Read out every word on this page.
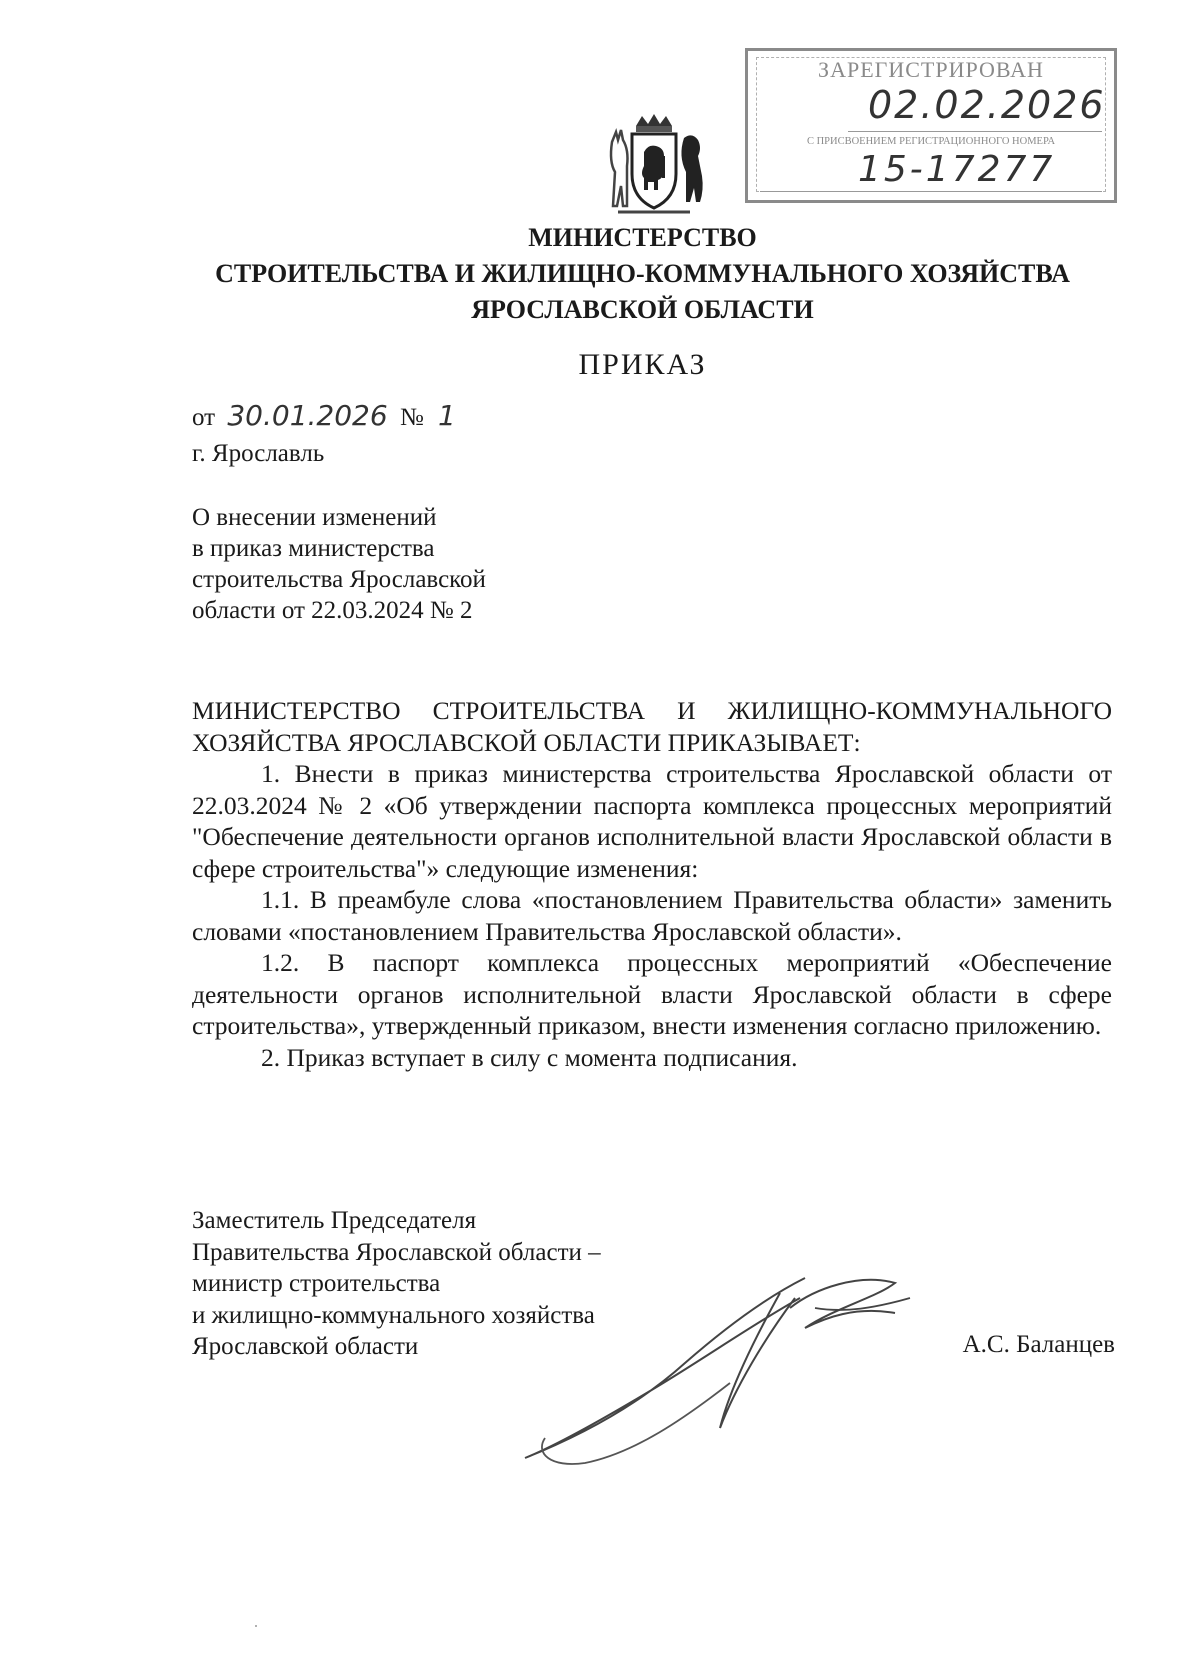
ЗАРЕГИСТРИРОВАН
02.02.2026
С ПРИСВОЕНИЕМ РЕГИСТРАЦИОННОГО НОМЕРА
15-17277
МИНИСТЕРСТВО
СТРОИТЕЛЬСТВА И ЖИЛИЩНО-КОММУНАЛЬНОГО ХОЗЯЙСТВА
ЯРОСЛАВСКОЙ ОБЛАСТИ
ПРИКАЗ
от 30.01.2026 № 1
г. Ярославль
О внесении изменений
в приказ министерства
строительства Ярославской
области от 22.03.2024 № 2

МИНИСТЕРСТВО СТРОИТЕЛЬСТВА И ЖИЛИЩНО-КОММУНАЛЬНОГО ХОЗЯЙСТВА ЯРОСЛАВСКОЙ ОБЛАСТИ ПРИКАЗЫВАЕТ:

1. Внести в приказ министерства строительства Ярославской области от 22.03.2024 № 2 «Об утверждении паспорта комплекса процессных мероприятий "Обеспечение деятельности органов исполнительной власти Ярославской области в сфере строительства"» следующие изменения:

1.1. В преамбуле слова «постановлением Правительства области» заменить словами «постановлением Правительства Ярославской области».

1.2. В паспорт комплекса процессных мероприятий «Обеспечение деятельности органов исполнительной власти Ярославской области в сфере строительства», утвержденный приказом, внести изменения согласно приложению.

2. Приказ вступает в силу с момента подписания.

Заместитель Председателя
Правительства Ярославской области –
министр строительства
и жилищно-коммунального хозяйства
Ярославской области	А.С. Баланцев
